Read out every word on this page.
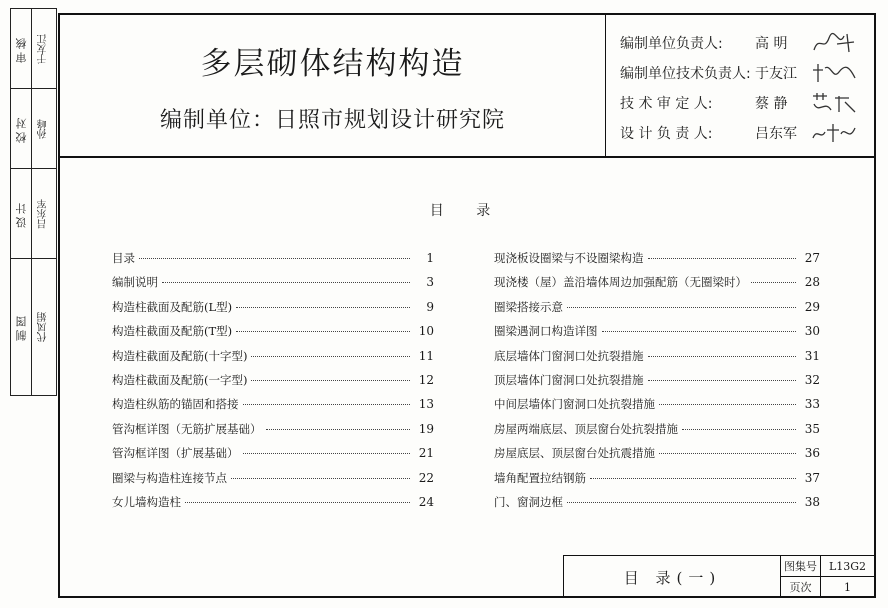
审核 于友江
校对 孙峰
设计 吕东军
制图 代凤娟
多层砌体结构构造
编制单位：日照市规划设计研究院
编制单位负责人:	高 明
编制单位技术负责人: 于友江
技 术 审 定 人:	蔡 静
设 计 负 责 人:	吕东军
目 录
目录	1
编制说明	3
构造柱截面及配筋(L型)	9
构造柱截面及配筋(T型)	10
构造柱截面及配筋(十字型)	11
构造柱截面及配筋(一字型)	12
构造柱纵筋的锚固和搭接	13
管沟框详图（无筋扩展基础）	19
管沟框详图（扩展基础）	21
圈梁与构造柱连接节点	22
女儿墙构造柱	24
现浇板设圈梁与不设圈梁构造	27
现浇楼（屋）盖沿墙体周边加强配筋（无圈梁时）	28
圈梁搭接示意	29
圈梁遇洞口构造详图	30
底层墙体门窗洞口处抗裂措施	31
顶层墙体门窗洞口处抗裂措施	32
中间层墙体门窗洞口处抗裂措施	33
房屋两端底层、顶层窗台处抗裂措施	35
房屋底层、顶层窗台处抗震措施	36
墙角配置拉结钢筋	37
门、窗洞边框	38
目 录(一)
图集号	L13G2
页次	1
